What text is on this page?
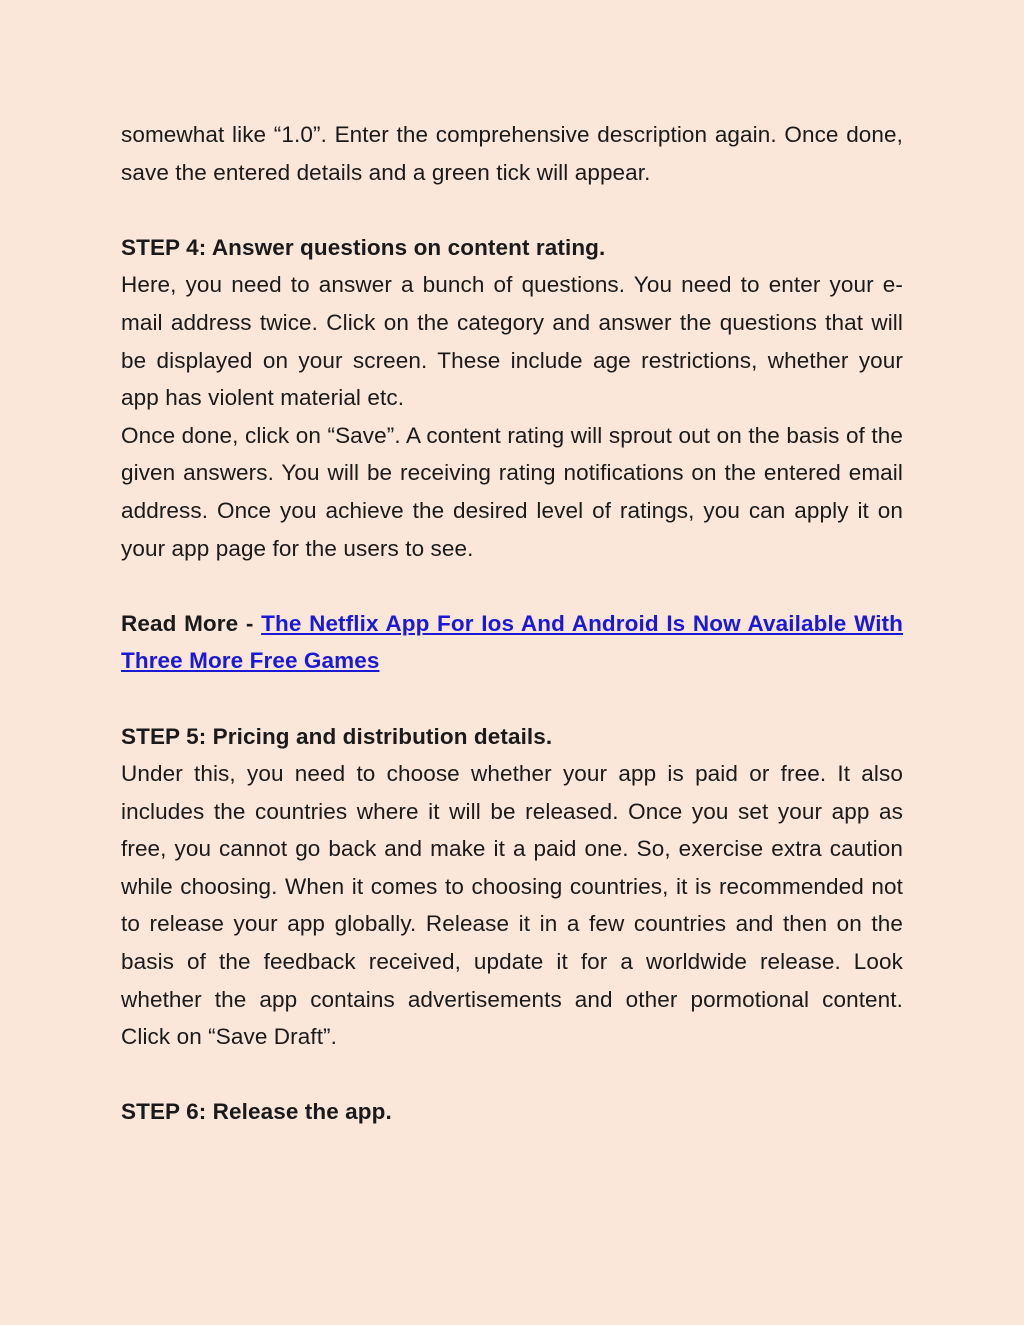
somewhat like “1.0”. Enter the comprehensive description again. Once done, save the entered details and a green tick will appear.

STEP 4: Answer questions on content rating.

Here, you need to answer a bunch of questions. You need to enter your e-mail address twice. Click on the category and answer the questions that will be displayed on your screen. These include age restrictions, whether your app has violent material etc.

Once done, click on “Save”. A content rating will sprout out on the basis of the given answers. You will be receiving rating notifications on the entered email address. Once you achieve the desired level of ratings, you can apply it on your app page for the users to see.

Read More - The Netflix App For Ios And Android Is Now Available With Three More Free Games

STEP 5: Pricing and distribution details.

Under this, you need to choose whether your app is paid or free. It also includes the countries where it will be released. Once you set your app as free, you cannot go back and make it a paid one. So, exercise extra caution while choosing. When it comes to choosing countries, it is recommended not to release your app globally. Release it in a few countries and then on the basis of the feedback received, update it for a worldwide release. Look whether the app contains advertisements and other pormotional content. Click on “Save Draft”.

STEP 6: Release the app.
